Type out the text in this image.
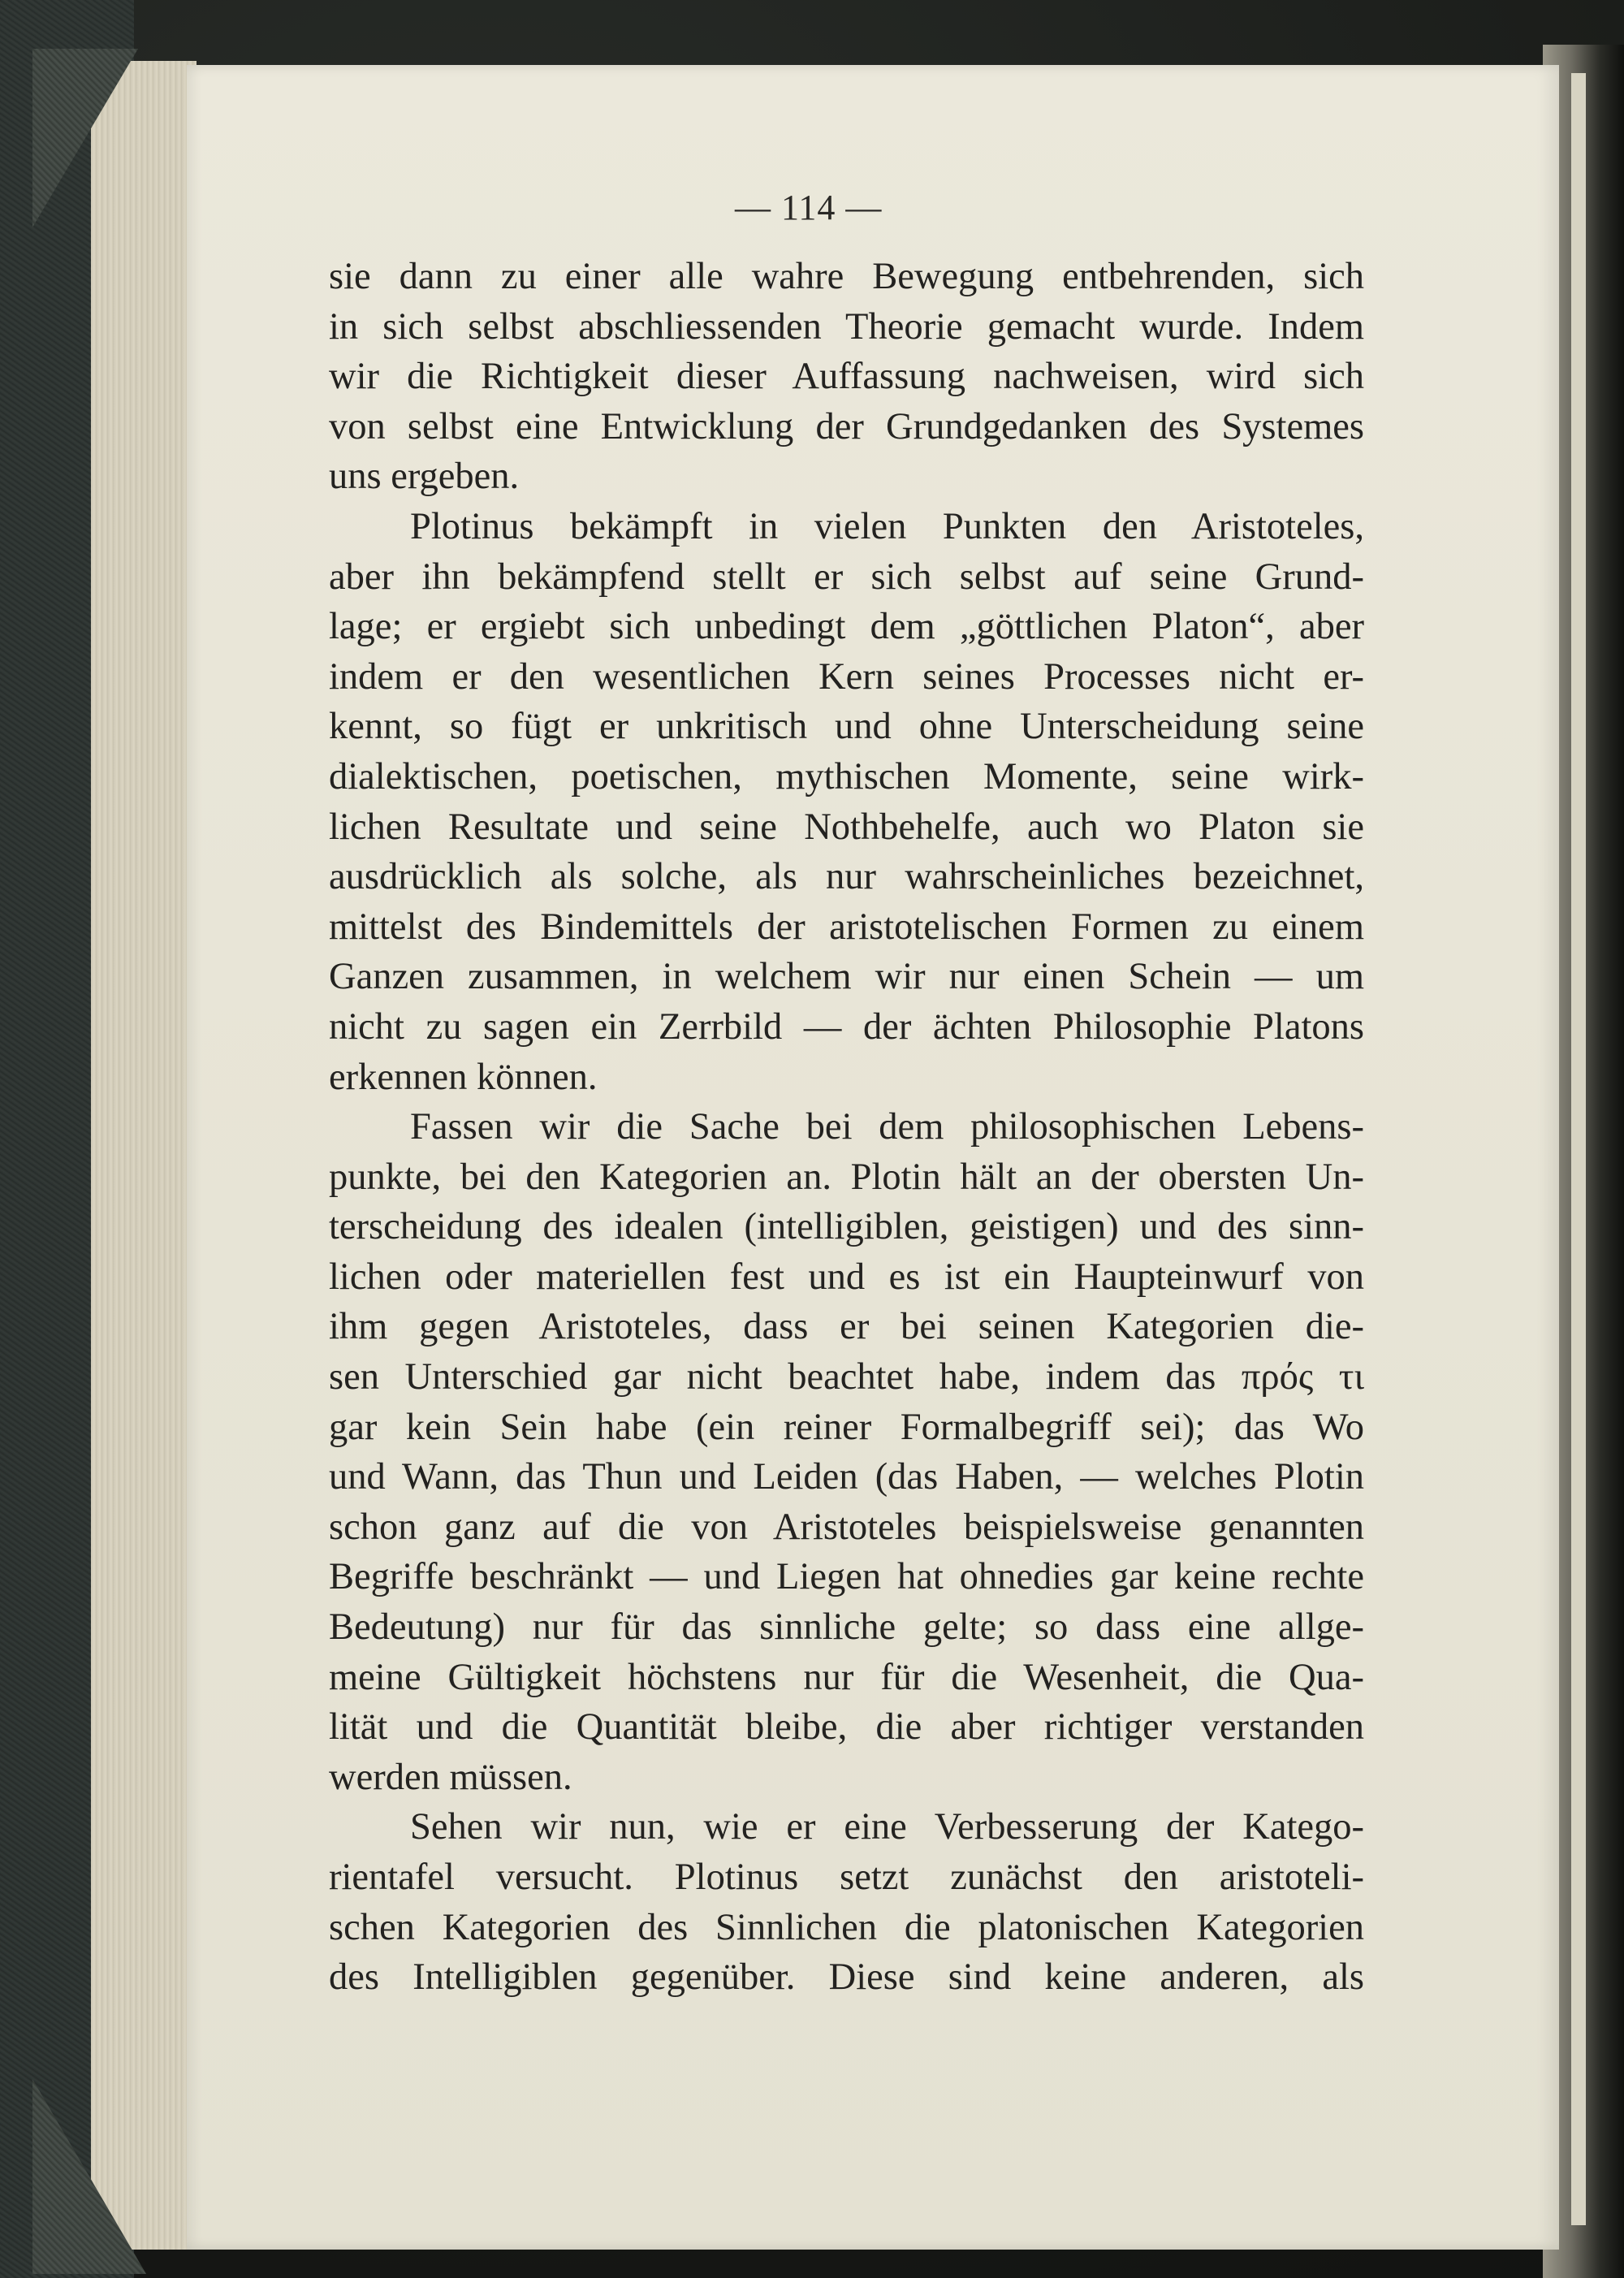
— 114 —
sie dann zu einer alle wahre Bewegung entbehrenden, sich
in sich selbst abschliessenden Theorie gemacht wurde. Indem
wir die Richtigkeit dieser Auffassung nachweisen, wird sich
von selbst eine Entwicklung der Grundgedanken des Systemes
uns ergeben.
Plotinus bekämpft in vielen Punkten den Aristoteles,
aber ihn bekämpfend stellt er sich selbst auf seine Grund-
lage; er ergiebt sich unbedingt dem „göttlichen Platon“, aber
indem er den wesentlichen Kern seines Processes nicht er-
kennt, so fügt er unkritisch und ohne Unterscheidung seine
dialektischen, poetischen, mythischen Momente, seine wirk-
lichen Resultate und seine Nothbehelfe, auch wo Platon sie
ausdrücklich als solche, als nur wahrscheinliches bezeichnet,
mittelst des Bindemittels der aristotelischen Formen zu einem
Ganzen zusammen, in welchem wir nur einen Schein — um
nicht zu sagen ein Zerrbild — der ächten Philosophie Platons
erkennen können.
Fassen wir die Sache bei dem philosophischen Lebens-
punkte, bei den Kategorien an. Plotin hält an der obersten Un-
terscheidung des idealen (intelligiblen, geistigen) und des sinn-
lichen oder materiellen fest und es ist ein Haupteinwurf von
ihm gegen Aristoteles, dass er bei seinen Kategorien die-
sen Unterschied gar nicht beachtet habe, indem das πρός τι
gar kein Sein habe (ein reiner Formalbegriff sei); das Wo
und Wann, das Thun und Leiden (das Haben, — welches Plotin
schon ganz auf die von Aristoteles beispielsweise genannten
Begriffe beschränkt — und Liegen hat ohnedies gar keine rechte
Bedeutung) nur für das sinnliche gelte; so dass eine allge-
meine Gültigkeit höchstens nur für die Wesenheit, die Qua-
lität und die Quantität bleibe, die aber richtiger verstanden
werden müssen.
Sehen wir nun, wie er eine Verbesserung der Katego-
rientafel versucht. Plotinus setzt zunächst den aristoteli-
schen Kategorien des Sinnlichen die platonischen Kategorien
des Intelligiblen gegenüber. Diese sind keine anderen, als
